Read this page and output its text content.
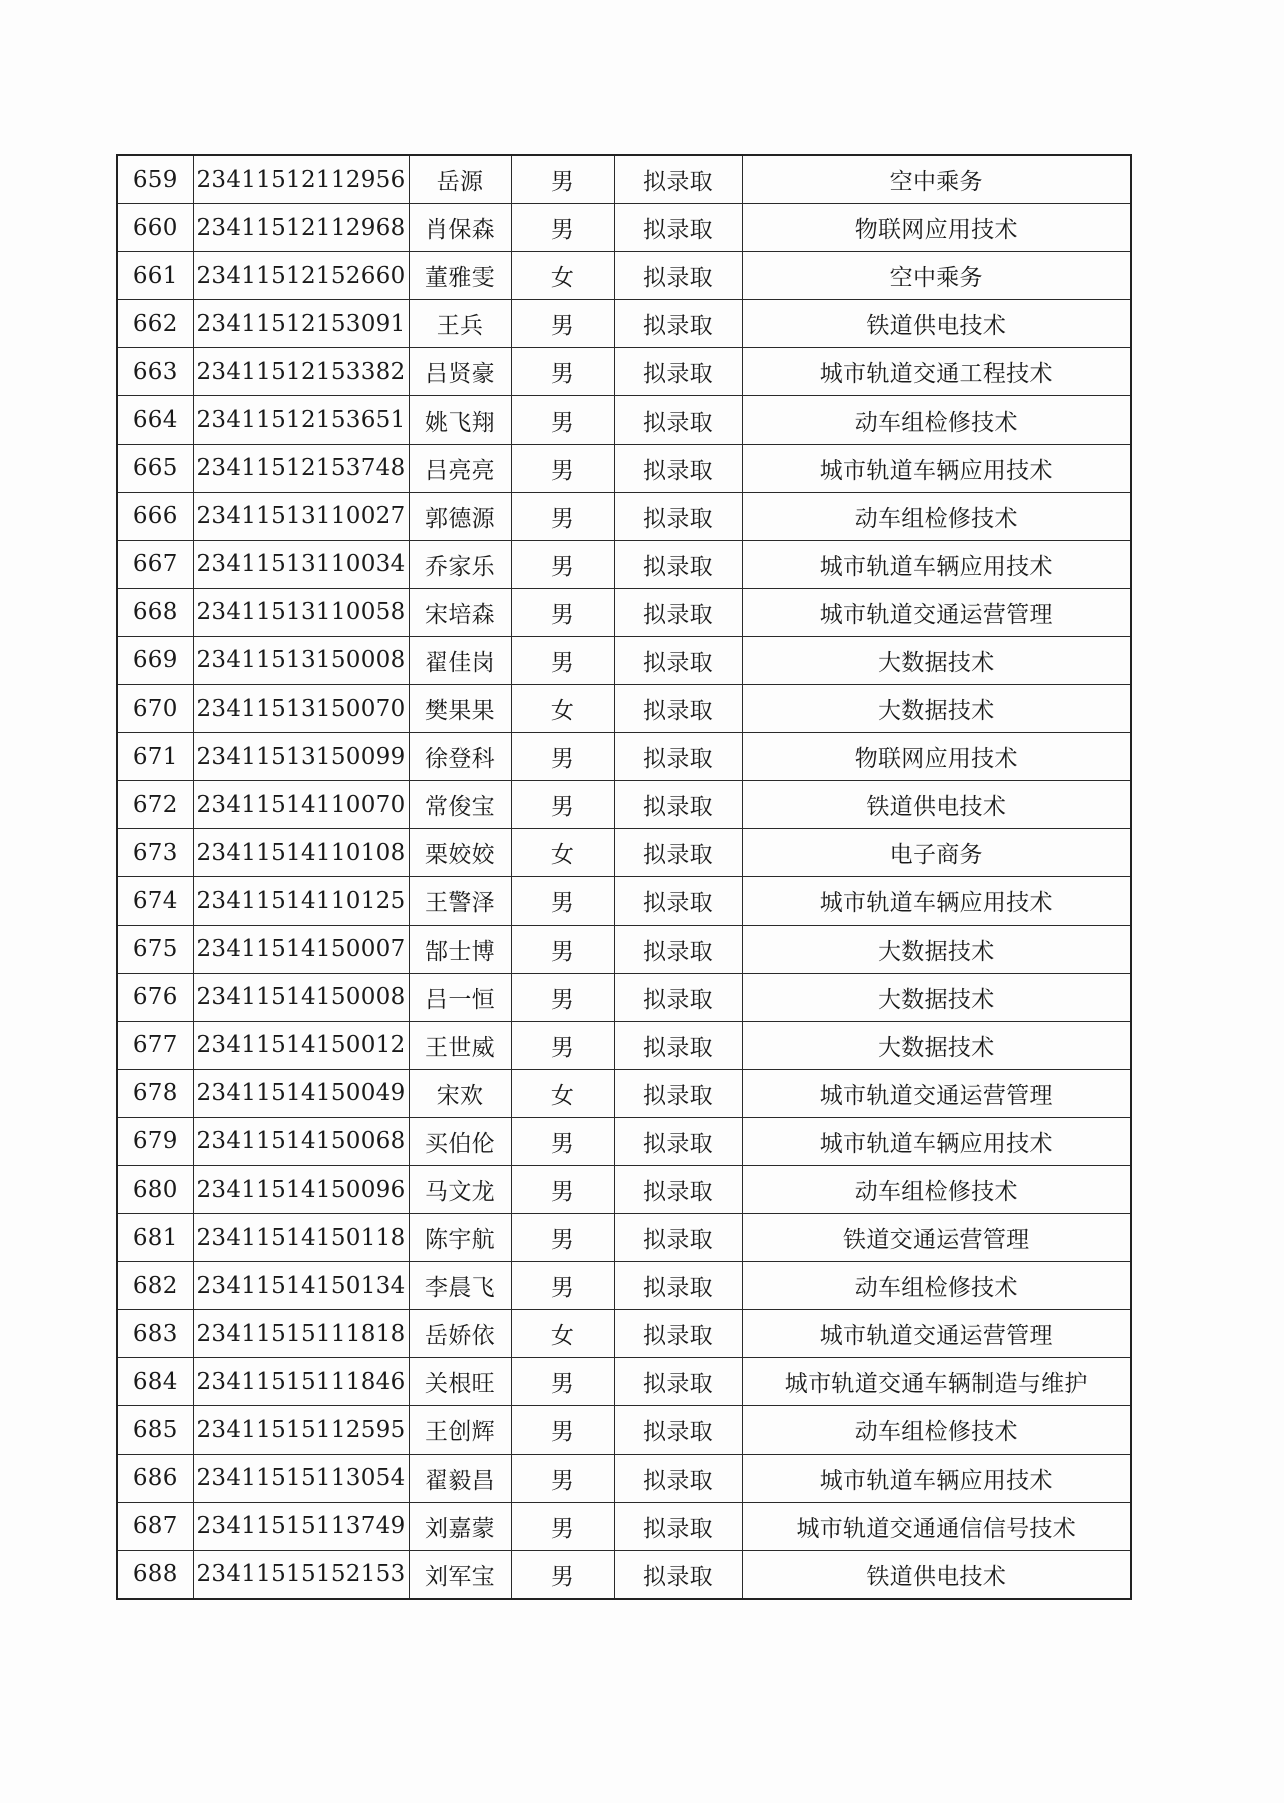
659	23411512112956	岳源	男	拟录取	空中乘务
660	23411512112968	肖保森	男	拟录取	物联网应用技术
661	23411512152660	董雅雯	女	拟录取	空中乘务
662	23411512153091	王兵	男	拟录取	铁道供电技术
663	23411512153382	吕贤豪	男	拟录取	城市轨道交通工程技术
664	23411512153651	姚飞翔	男	拟录取	动车组检修技术
665	23411512153748	吕亮亮	男	拟录取	城市轨道车辆应用技术
666	23411513110027	郭德源	男	拟录取	动车组检修技术
667	23411513110034	乔家乐	男	拟录取	城市轨道车辆应用技术
668	23411513110058	宋培森	男	拟录取	城市轨道交通运营管理
669	23411513150008	翟佳岗	男	拟录取	大数据技术
670	23411513150070	樊果果	女	拟录取	大数据技术
671	23411513150099	徐登科	男	拟录取	物联网应用技术
672	23411514110070	常俊宝	男	拟录取	铁道供电技术
673	23411514110108	栗姣姣	女	拟录取	电子商务
674	23411514110125	王警泽	男	拟录取	城市轨道车辆应用技术
675	23411514150007	郜士博	男	拟录取	大数据技术
676	23411514150008	吕一恒	男	拟录取	大数据技术
677	23411514150012	王世威	男	拟录取	大数据技术
678	23411514150049	宋欢	女	拟录取	城市轨道交通运营管理
679	23411514150068	买伯伦	男	拟录取	城市轨道车辆应用技术
680	23411514150096	马文龙	男	拟录取	动车组检修技术
681	23411514150118	陈宇航	男	拟录取	铁道交通运营管理
682	23411514150134	李晨飞	男	拟录取	动车组检修技术
683	23411515111818	岳娇依	女	拟录取	城市轨道交通运营管理
684	23411515111846	关根旺	男	拟录取	城市轨道交通车辆制造与维护
685	23411515112595	王创辉	男	拟录取	动车组检修技术
686	23411515113054	翟毅昌	男	拟录取	城市轨道车辆应用技术
687	23411515113749	刘嘉蒙	男	拟录取	城市轨道交通通信信号技术
688	23411515152153	刘军宝	男	拟录取	铁道供电技术
